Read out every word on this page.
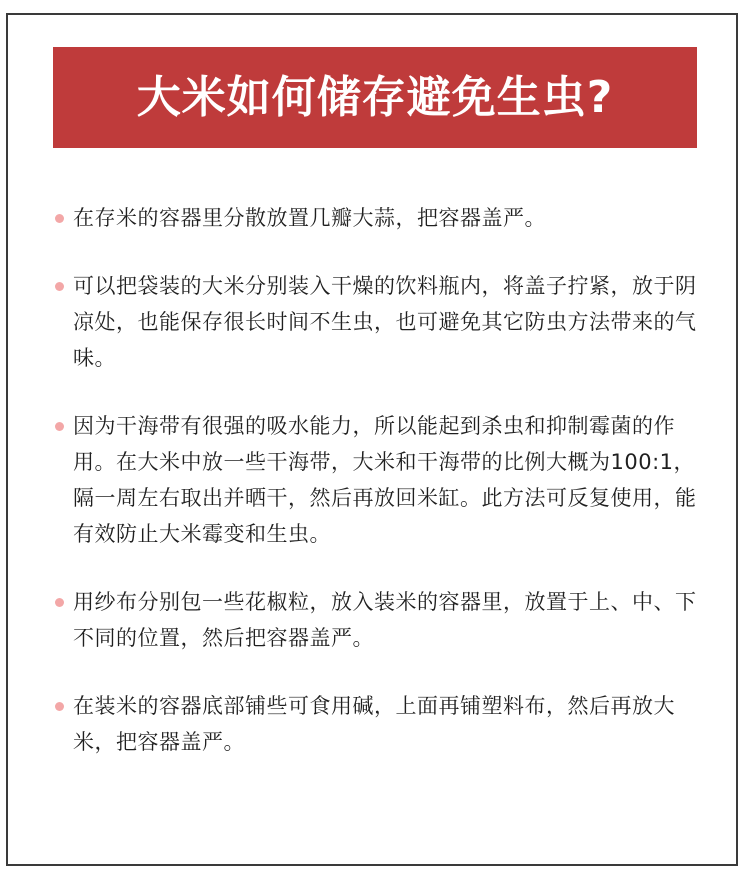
大米如何储存避免生虫?
在存米的容器里分散放置几瓣大蒜，把容器盖严。
可以把袋装的大米分别装入干燥的饮料瓶内，将盖子拧紧，放于阴凉处，也能保存很长时间不生虫，也可避免其它防虫方法带来的气味。
因为干海带有很强的吸水能力，所以能起到杀虫和抑制霉菌的作用。在大米中放一些干海带，大米和干海带的比例大概为100:1，隔一周左右取出并晒干，然后再放回米缸。此方法可反复使用，能有效防止大米霉变和生虫。
用纱布分别包一些花椒粒，放入装米的容器里，放置于上、中、下不同的位置，然后把容器盖严。
在装米的容器底部铺些可食用碱，上面再铺塑料布，然后再放大米，把容器盖严。
